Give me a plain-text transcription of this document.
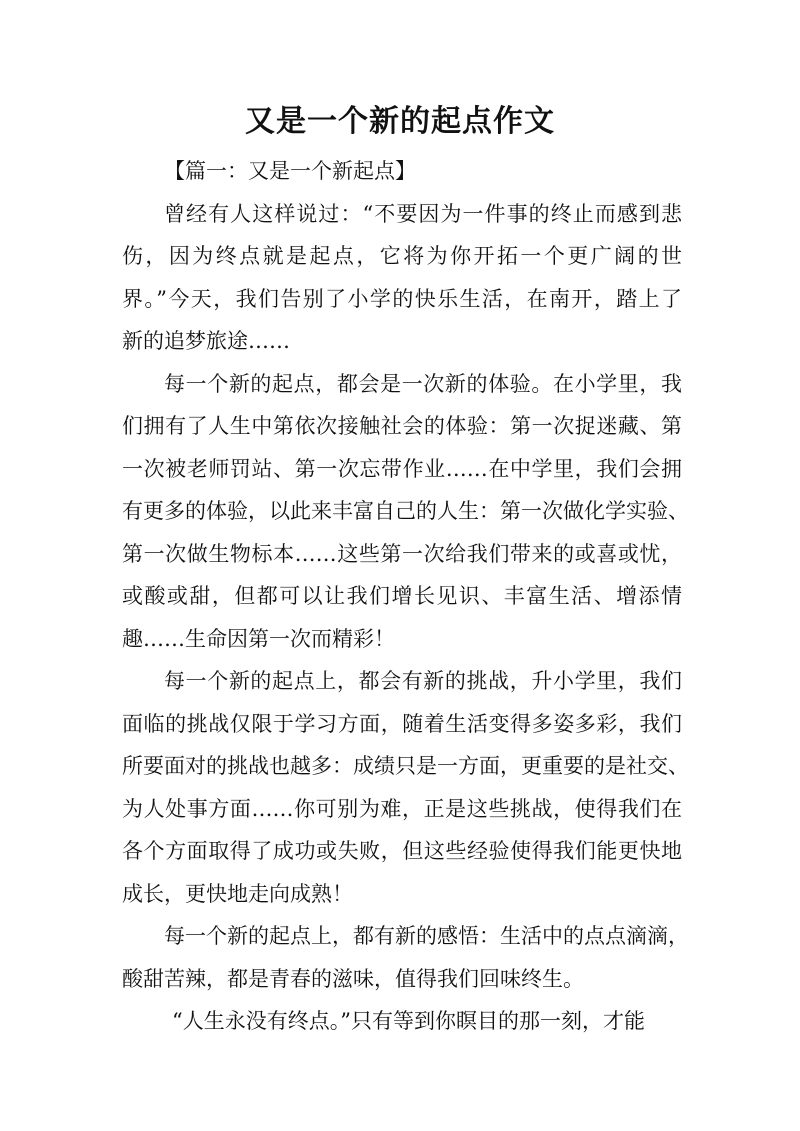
又是一个新的起点作文

【篇一：又是一个新起点】

曾经有人这样说过：“不要因为一件事的终止而感到悲
伤，因为终点就是起点，它将为你开拓一个更广阔的世
界。”今天，我们告别了小学的快乐生活，在南开，踏上了
新的追梦旅途……
每一个新的起点，都会是一次新的体验。在小学里，我
们拥有了人生中第依次接触社会的体验：第一次捉迷藏、第
一次被老师罚站、第一次忘带作业……在中学里，我们会拥
有更多的体验，以此来丰富自己的人生：第一次做化学实验、
第一次做生物标本……这些第一次给我们带来的或喜或忧，
或酸或甜，但都可以让我们增长见识、丰富生活、增添情
趣……生命因第一次而精彩！
每一个新的起点上，都会有新的挑战，升小学里，我们
面临的挑战仅限于学习方面，随着生活变得多姿多彩，我们
所要面对的挑战也越多：成绩只是一方面，更重要的是社交、
为人处事方面……你可别为难，正是这些挑战，使得我们在
各个方面取得了成功或失败，但这些经验使得我们能更快地
成长，更快地走向成熟！
每一个新的起点上，都有新的感悟：生活中的点点滴滴，
酸甜苦辣，都是青春的滋味，值得我们回味终生。
“人生永没有终点。”只有等到你瞑目的那一刻，才能
